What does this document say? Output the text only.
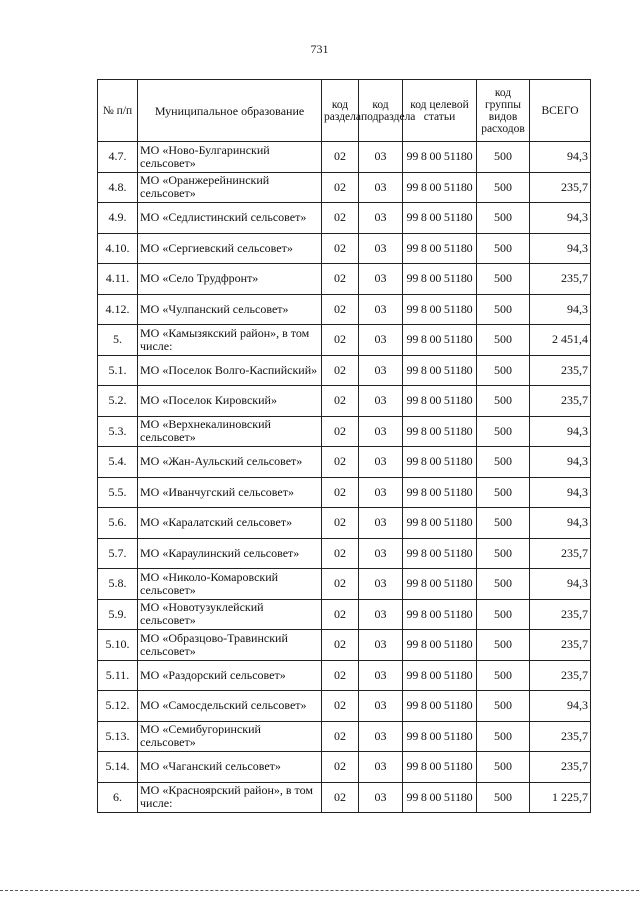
731
№ п/п	Муниципальное образование	код раздела	код подраздела	код целевой статьи	код группы видов расходов	ВСЕГО
4.7.	МО «Ново-Булгаринский сельсовет»	02	03	99 8 00 51180	500	94,3
4.8.	МО «Оранжерейнинский сельсовет»	02	03	99 8 00 51180	500	235,7
4.9.	МО «Седлистинский сельсовет»	02	03	99 8 00 51180	500	94,3
4.10.	МО «Сергиевский сельсовет»	02	03	99 8 00 51180	500	94,3
4.11.	МО «Село Трудфронт»	02	03	99 8 00 51180	500	235,7
4.12.	МО «Чулпанский сельсовет»	02	03	99 8 00 51180	500	94,3
5.	МО «Камызякский район», в том числе:	02	03	99 8 00 51180	500	2 451,4
5.1.	МО «Поселок Волго-Каспийский»	02	03	99 8 00 51180	500	235,7
5.2.	МО «Поселок Кировский»	02	03	99 8 00 51180	500	235,7
5.3.	МО «Верхнекалиновский сельсовет»	02	03	99 8 00 51180	500	94,3
5.4.	МО «Жан-Аульский сельсовет»	02	03	99 8 00 51180	500	94,3
5.5.	МО «Иванчугский сельсовет»	02	03	99 8 00 51180	500	94,3
5.6.	МО «Каралатский сельсовет»	02	03	99 8 00 51180	500	94,3
5.7.	МО «Караулинский сельсовет»	02	03	99 8 00 51180	500	235,7
5.8.	МО «Николо-Комаровский сельсовет»	02	03	99 8 00 51180	500	94,3
5.9.	МО «Новотузуклейский сельсовет»	02	03	99 8 00 51180	500	235,7
5.10.	МО «Образцово-Травинский сельсовет»	02	03	99 8 00 51180	500	235,7
5.11.	МО «Раздорский сельсовет»	02	03	99 8 00 51180	500	235,7
5.12.	МО «Самосдельский сельсовет»	02	03	99 8 00 51180	500	94,3
5.13.	МО «Семибугоринский сельсовет»	02	03	99 8 00 51180	500	235,7
5.14.	МО «Чаганский сельсовет»	02	03	99 8 00 51180	500	235,7
6.	МО «Красноярский район», в том числе:	02	03	99 8 00 51180	500	1 225,7
